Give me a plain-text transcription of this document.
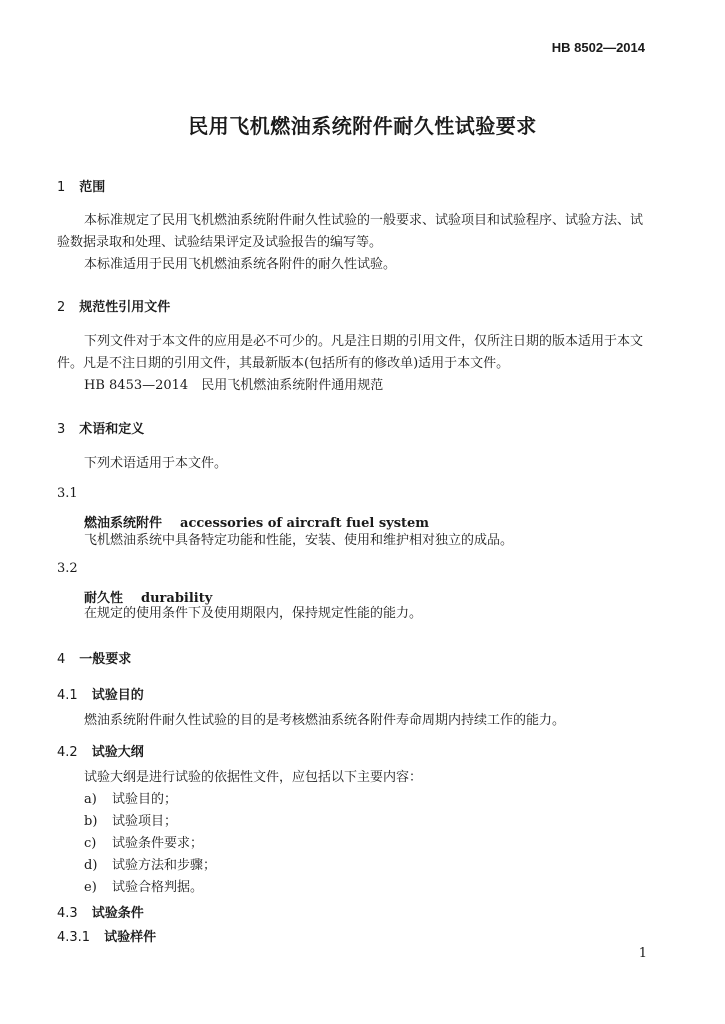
HB 8502—2014
民用飞机燃油系统附件耐久性试验要求
1 范围
本标准规定了民用飞机燃油系统附件耐久性试验的一般要求、试验项目和试验程序、试验方法、试
验数据录取和处理、试验结果评定及试验报告的编写等。
本标准适用于民用飞机燃油系统各附件的耐久性试验。
2 规范性引用文件
下列文件对于本文件的应用是必不可少的。凡是注日期的引用文件，仅所注日期的版本适用于本文
件。凡是不注日期的引用文件，其最新版本(包括所有的修改单)适用于本文件。
HB 8453—2014　民用飞机燃油系统附件通用规范
3 术语和定义
下列术语适用于本文件。
3.1
燃油系统附件 accessories of aircraft fuel system
飞机燃油系统中具备特定功能和性能，安装、使用和维护相对独立的成品。
3.2
耐久性 durability
在规定的使用条件下及使用期限内，保持规定性能的能力。
4 一般要求
4.1 试验目的
燃油系统附件耐久性试验的目的是考核燃油系统各附件寿命周期内持续工作的能力。
4.2 试验大纲
试验大纲是进行试验的依据性文件，应包括以下主要内容：
a) 试验目的；
b) 试验项目；
c) 试验条件要求；
d) 试验方法和步骤；
e) 试验合格判据。
4.3 试验条件
4.3.1 试验样件
1
